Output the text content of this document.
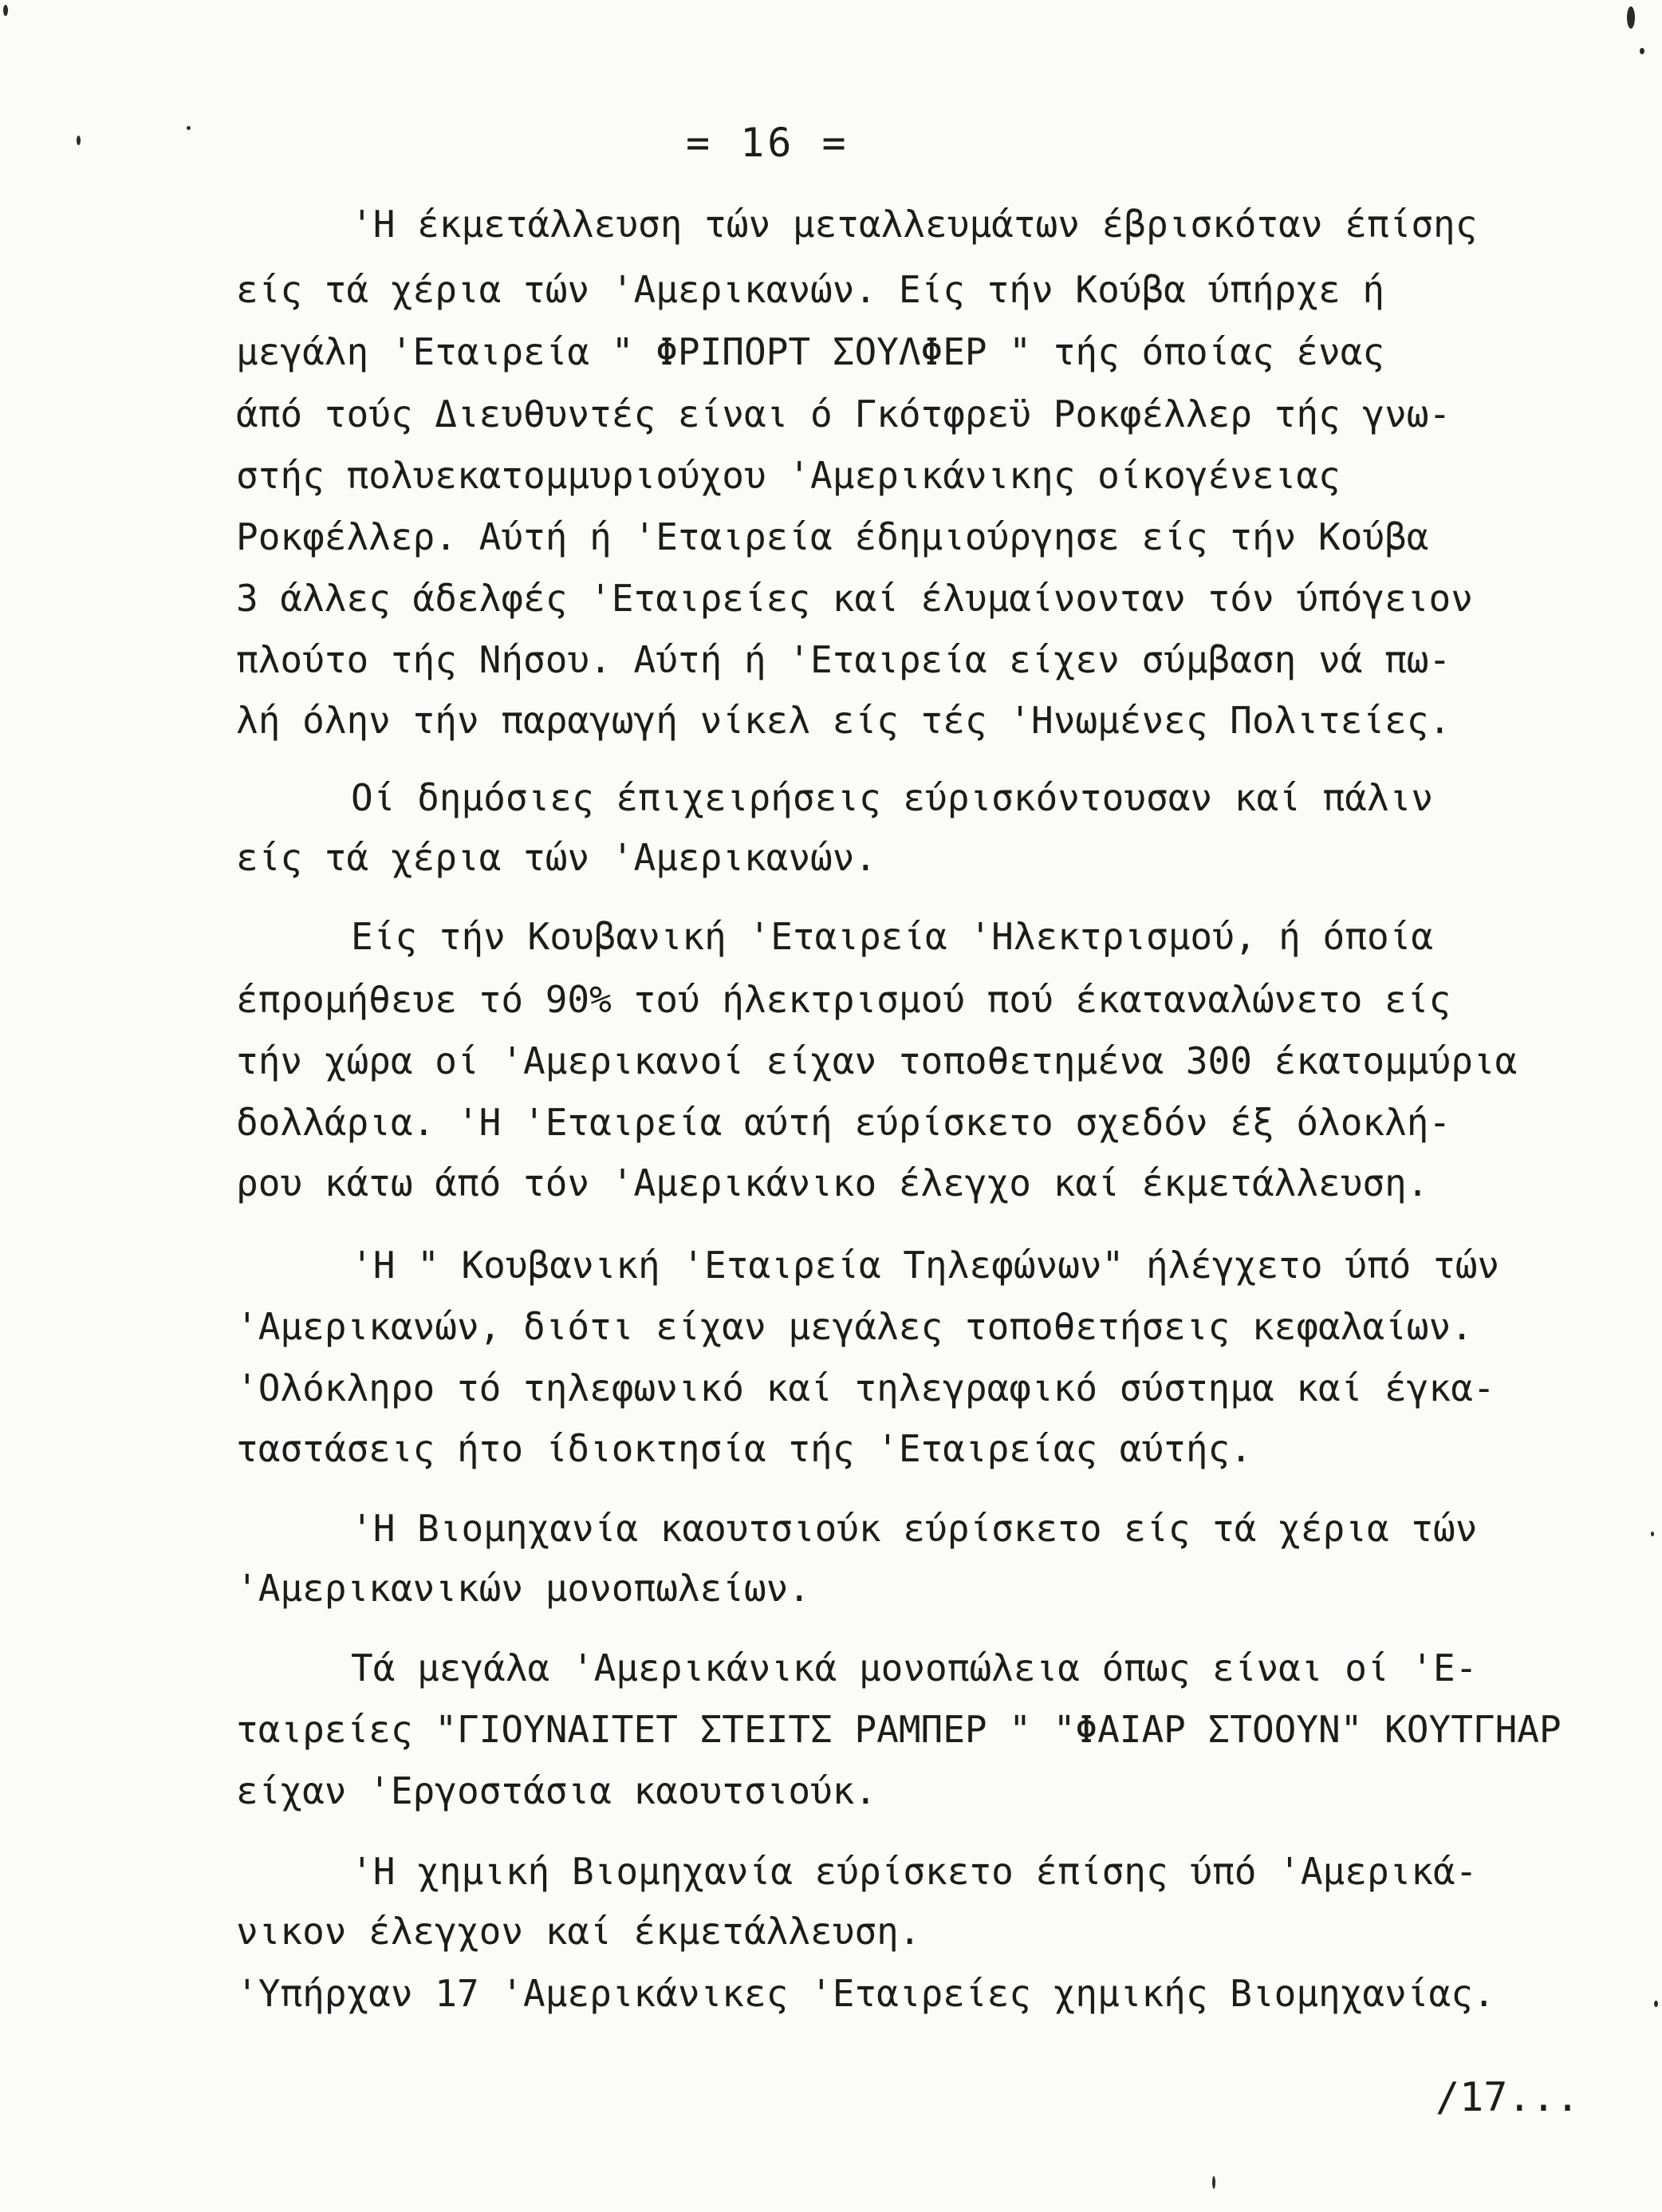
= 16 =
'Η έκμετάλλευση τών μεταλλευμάτων έβρισκόταν έπίσης
είς τά χέρια τών 'Αμερικανών. Είς τήν Κούβα ύπήρχε ή
μεγάλη 'Εταιρεία " ΦΡΙΠΟΡΤ ΣΟΥΛΦΕΡ " τής όποίας ένας
άπό τούς Διευθυντές είναι ό Γκότφρεϋ Ροκφέλλερ τής γνω-
στής πολυεκατομμυριούχου 'Αμερικάνικης οίκογένειας
Ροκφέλλερ. Αύτή ή 'Εταιρεία έδημιούργησε είς τήν Κούβα
3 άλλες άδελφές 'Εταιρείες καί έλυμαίνονταν τόν ύπόγειον
πλούτο τής Νήσου. Αύτή ή 'Εταιρεία είχεν σύμβαση νά πω-
λή όλην τήν παραγωγή νίκελ είς τές 'Ηνωμένες Πολιτείες.
Οί δημόσιες έπιχειρήσεις εύρισκόντουσαν καί πάλιν
είς τά χέρια τών 'Αμερικανών.
Είς τήν Κουβανική 'Εταιρεία 'Ηλεκτρισμού, ή όποία
έπρομήθευε τό 90% τού ήλεκτρισμού πού έκαταναλώνετο είς
τήν χώρα οί 'Αμερικανοί είχαν τοποθετημένα 300 έκατομμύρια
δολλάρια. 'Η 'Εταιρεία αύτή εύρίσκετο σχεδόν έξ όλοκλή-
ρου κάτω άπό τόν 'Αμερικάνικο έλεγχο καί έκμετάλλευση.
'Η " Κουβανική 'Εταιρεία Τηλεφώνων" ήλέγχετο ύπό τών
'Αμερικανών, διότι είχαν μεγάλες τοποθετήσεις κεφαλαίων.
'Ολόκληρο τό τηλεφωνικό καί τηλεγραφικό σύστημα καί έγκα-
ταστάσεις ήτο ίδιοκτησία τής 'Εταιρείας αύτής.
'Η Βιομηχανία καουτσιούκ εύρίσκετο είς τά χέρια τών
'Αμερικανικών μονοπωλείων.
Τά μεγάλα 'Αμερικάνικά μονοπώλεια όπως είναι οί 'Ε-
ταιρείες "ΓΙΟΥΝΑΙΤΕΤ ΣΤΕΙΤΣ ΡΑΜΠΕΡ " "ΦΑΙΑΡ ΣΤΟΟΥΝ" ΚΟΥΤΓΗΑΡ
είχαν 'Εργοστάσια καουτσιούκ.
'Η χημική Βιομηχανία εύρίσκετο έπίσης ύπό 'Αμερικά-
νικον έλεγχον καί έκμετάλλευση.
'Υπήρχαν 17 'Αμερικάνικες 'Εταιρείες χημικής Βιομηχανίας.
/17...
